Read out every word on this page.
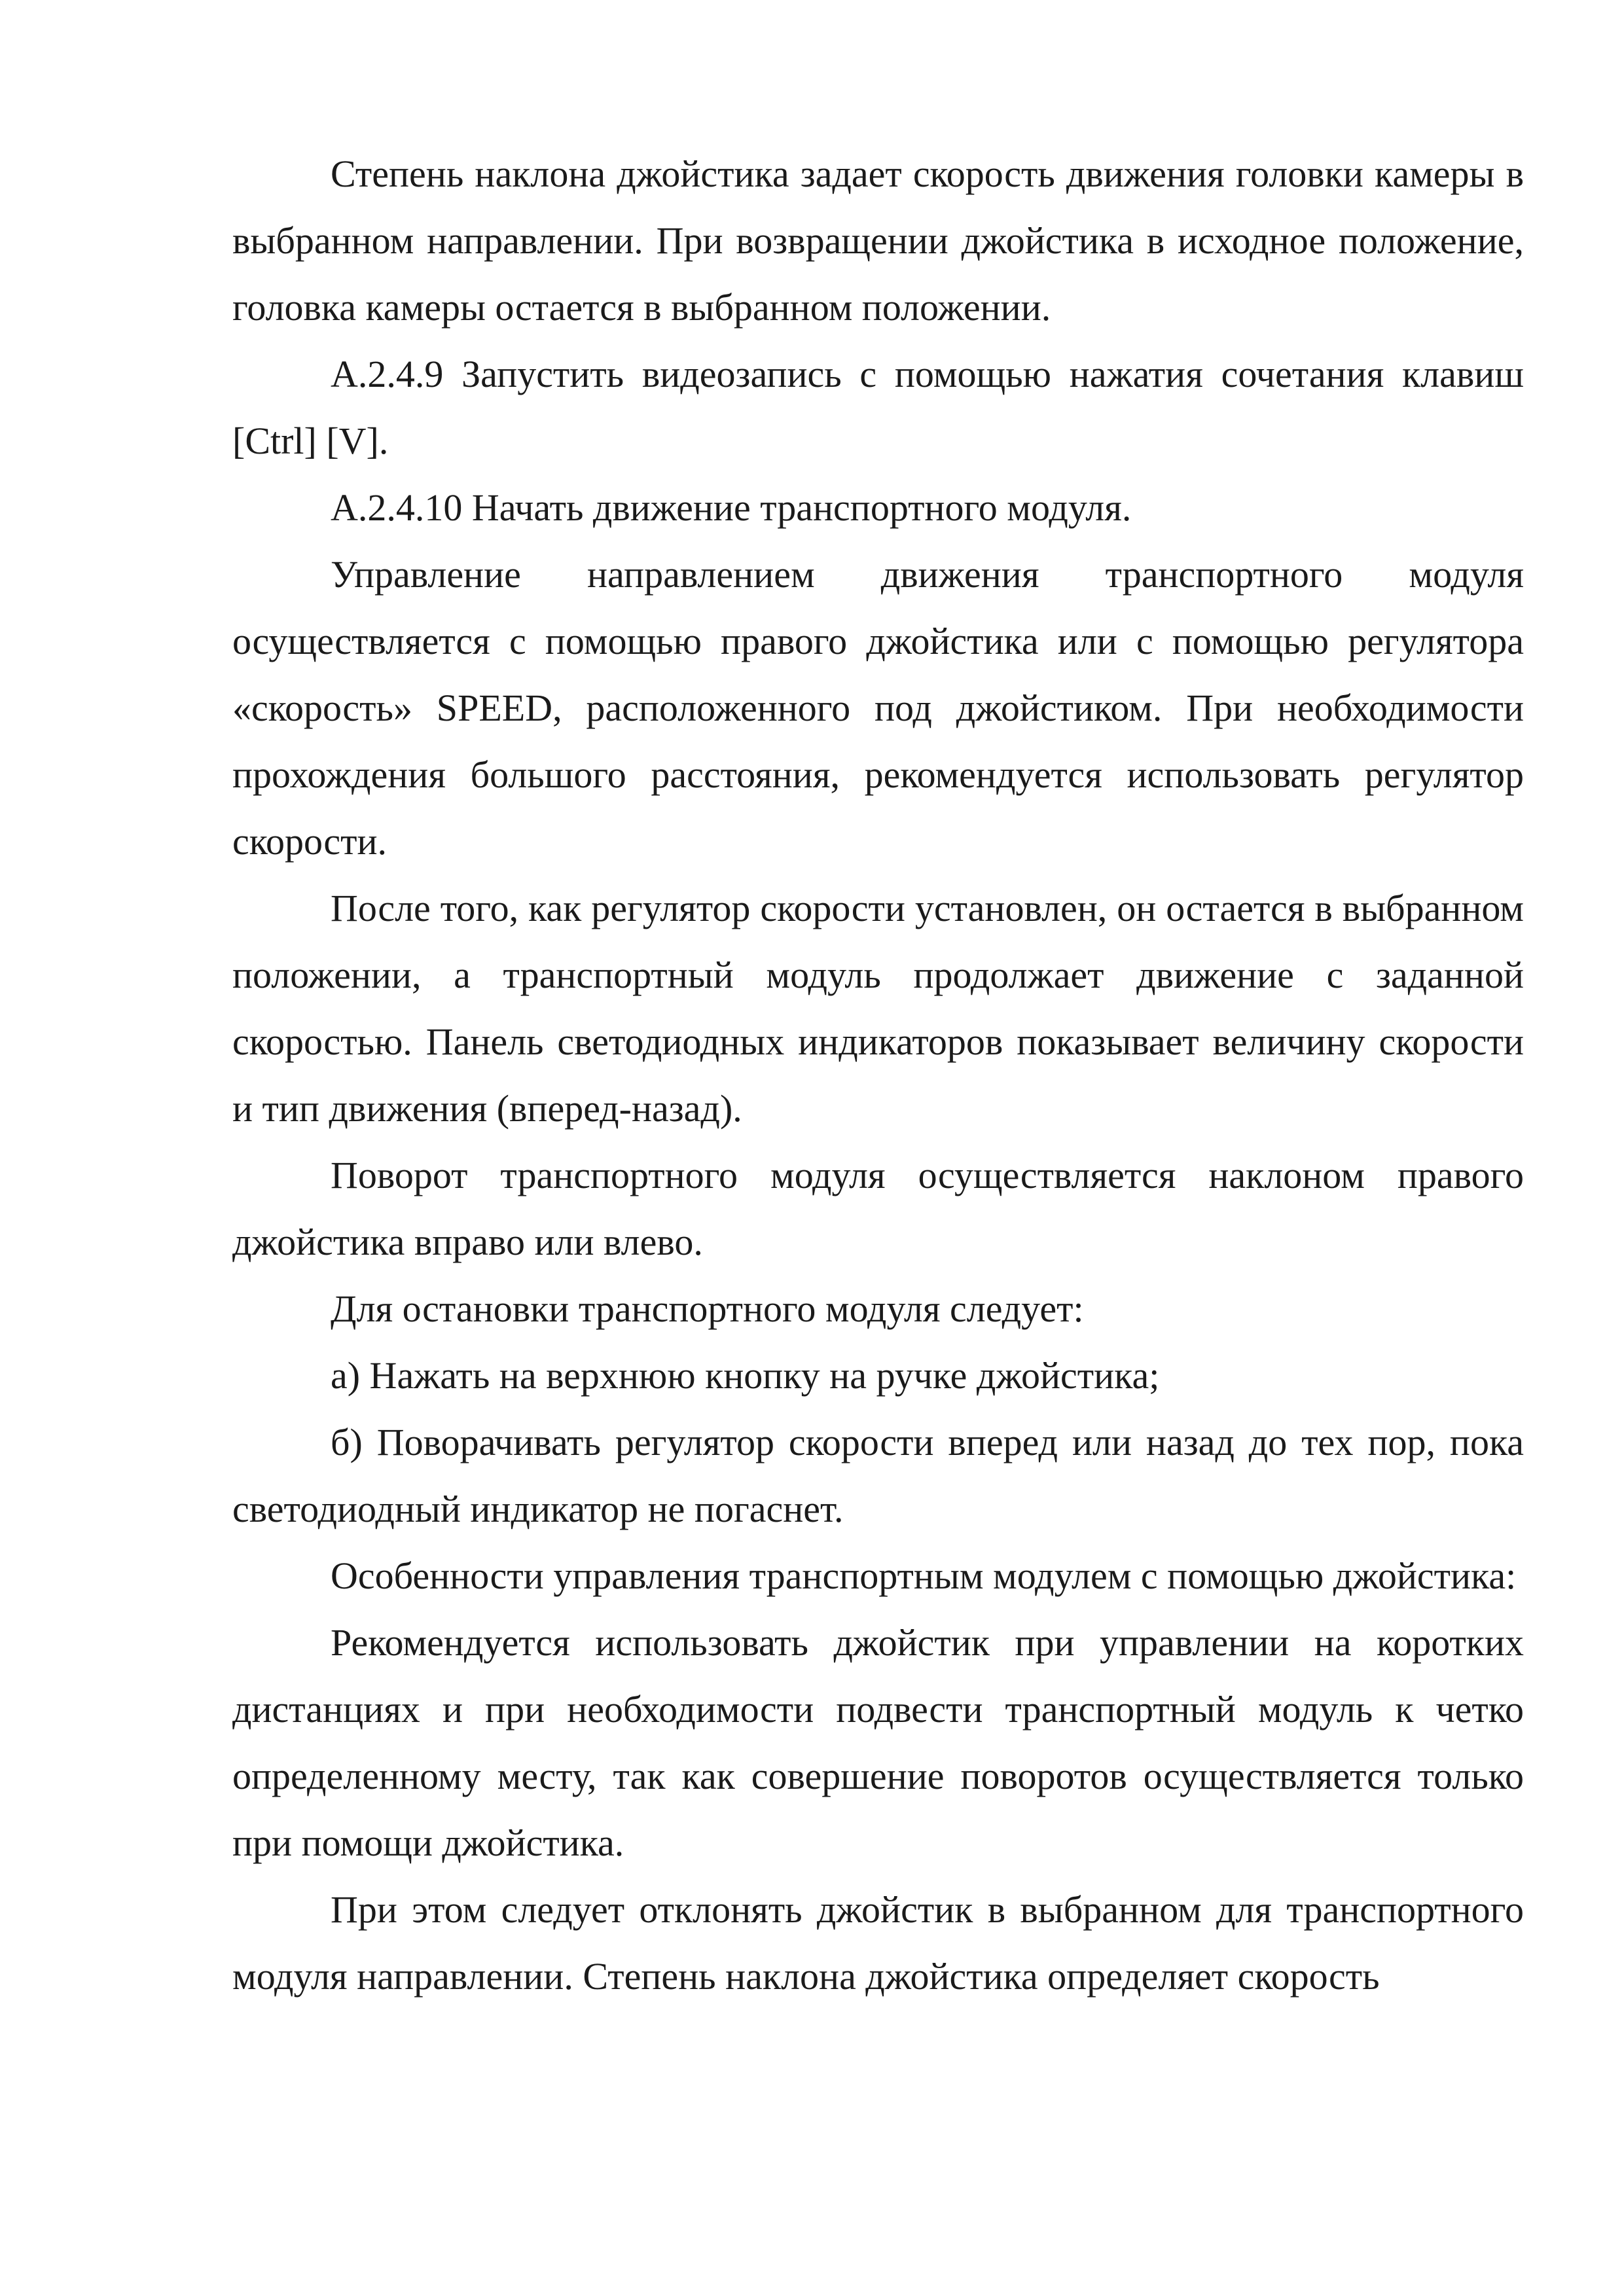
Степень наклона джойстика задает скорость движения головки камеры в выбранном направлении. При возвращении джойстика в исходное положение, головка камеры остается в выбранном положении.

А.2.4.9 Запустить видеозапись с помощью нажатия сочетания клавиш [Ctrl] [V].

А.2.4.10 Начать движение транспортного модуля.

Управление направлением движения транспортного модуля осуществляется с помощью правого джойстика или с помощью регулятора «скорость» SPEED, расположенного под джойстиком. При необходимости прохождения большого расстояния, рекомендуется использовать регулятор скорости.

После того, как регулятор скорости установлен, он остается в выбранном положении, а транспортный модуль продолжает движение с заданной скоростью. Панель светодиодных индикаторов показывает величину скорости и тип движения (вперед-назад).

Поворот транспортного модуля осуществляется наклоном правого джойстика вправо или влево.

Для остановки транспортного модуля следует:

а) Нажать на верхнюю кнопку на ручке джойстика;

б) Поворачивать регулятор скорости вперед или назад до тех пор, пока светодиодный индикатор не погаснет.

Особенности управления транспортным модулем с помощью джойстика:

Рекомендуется использовать джойстик при управлении на коротких дистанциях и при необходимости подвести транспортный модуль к четко определенному месту, так как совершение поворотов осуществляется только при помощи джойстика.

При этом следует отклонять джойстик в выбранном для транспортного модуля направлении. Степень наклона джойстика определяет скорость
